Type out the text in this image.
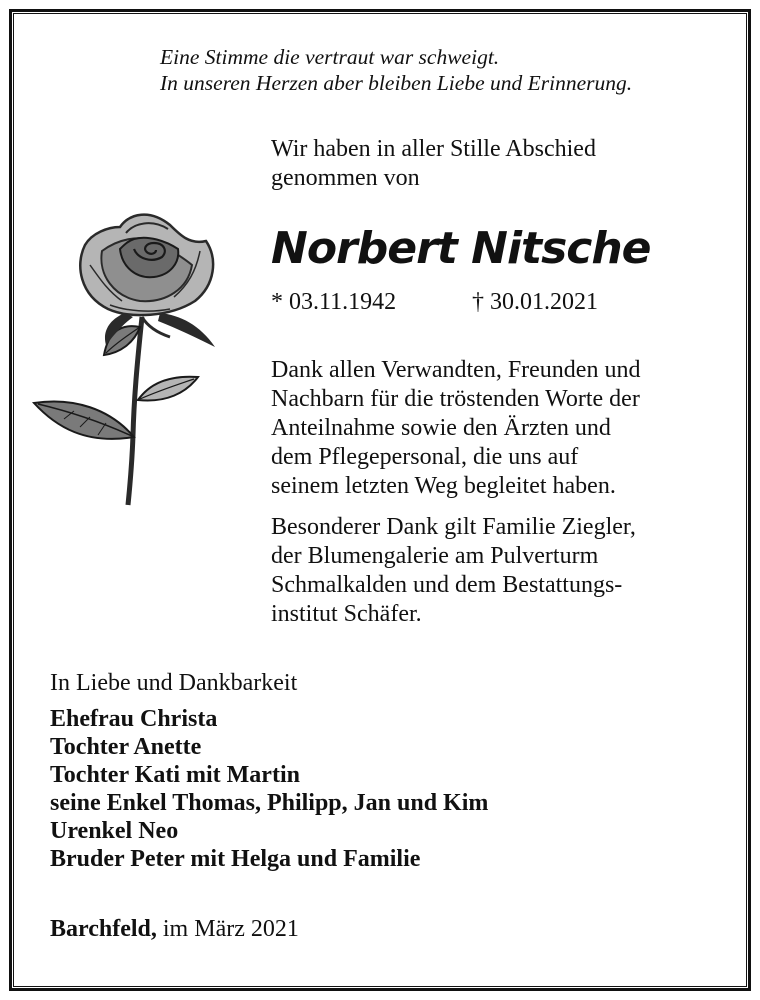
Eine Stimme die vertraut war schweigt.
In unseren Herzen aber bleiben Liebe und Erinnerung.
Wir haben in aller Stille Abschied
genommen von
Norbert Nitsche
* 03.11.1942	† 30.01.2021
Dank allen Verwandten, Freunden und
Nachbarn für die tröstenden Worte der
Anteilnahme sowie den Ärzten und
dem Pflegepersonal, die uns auf
seinem letzten Weg begleitet haben.
Besonderer Dank gilt Familie Ziegler,
der Blumengalerie am Pulverturm
Schmalkalden und dem Bestattungs-
institut Schäfer.
In Liebe und Dankbarkeit
Ehefrau Christa
Tochter Anette
Tochter Kati mit Martin
seine Enkel Thomas, Philipp, Jan und Kim
Urenkel Neo
Bruder Peter mit Helga und Familie
Barchfeld, im März 2021
